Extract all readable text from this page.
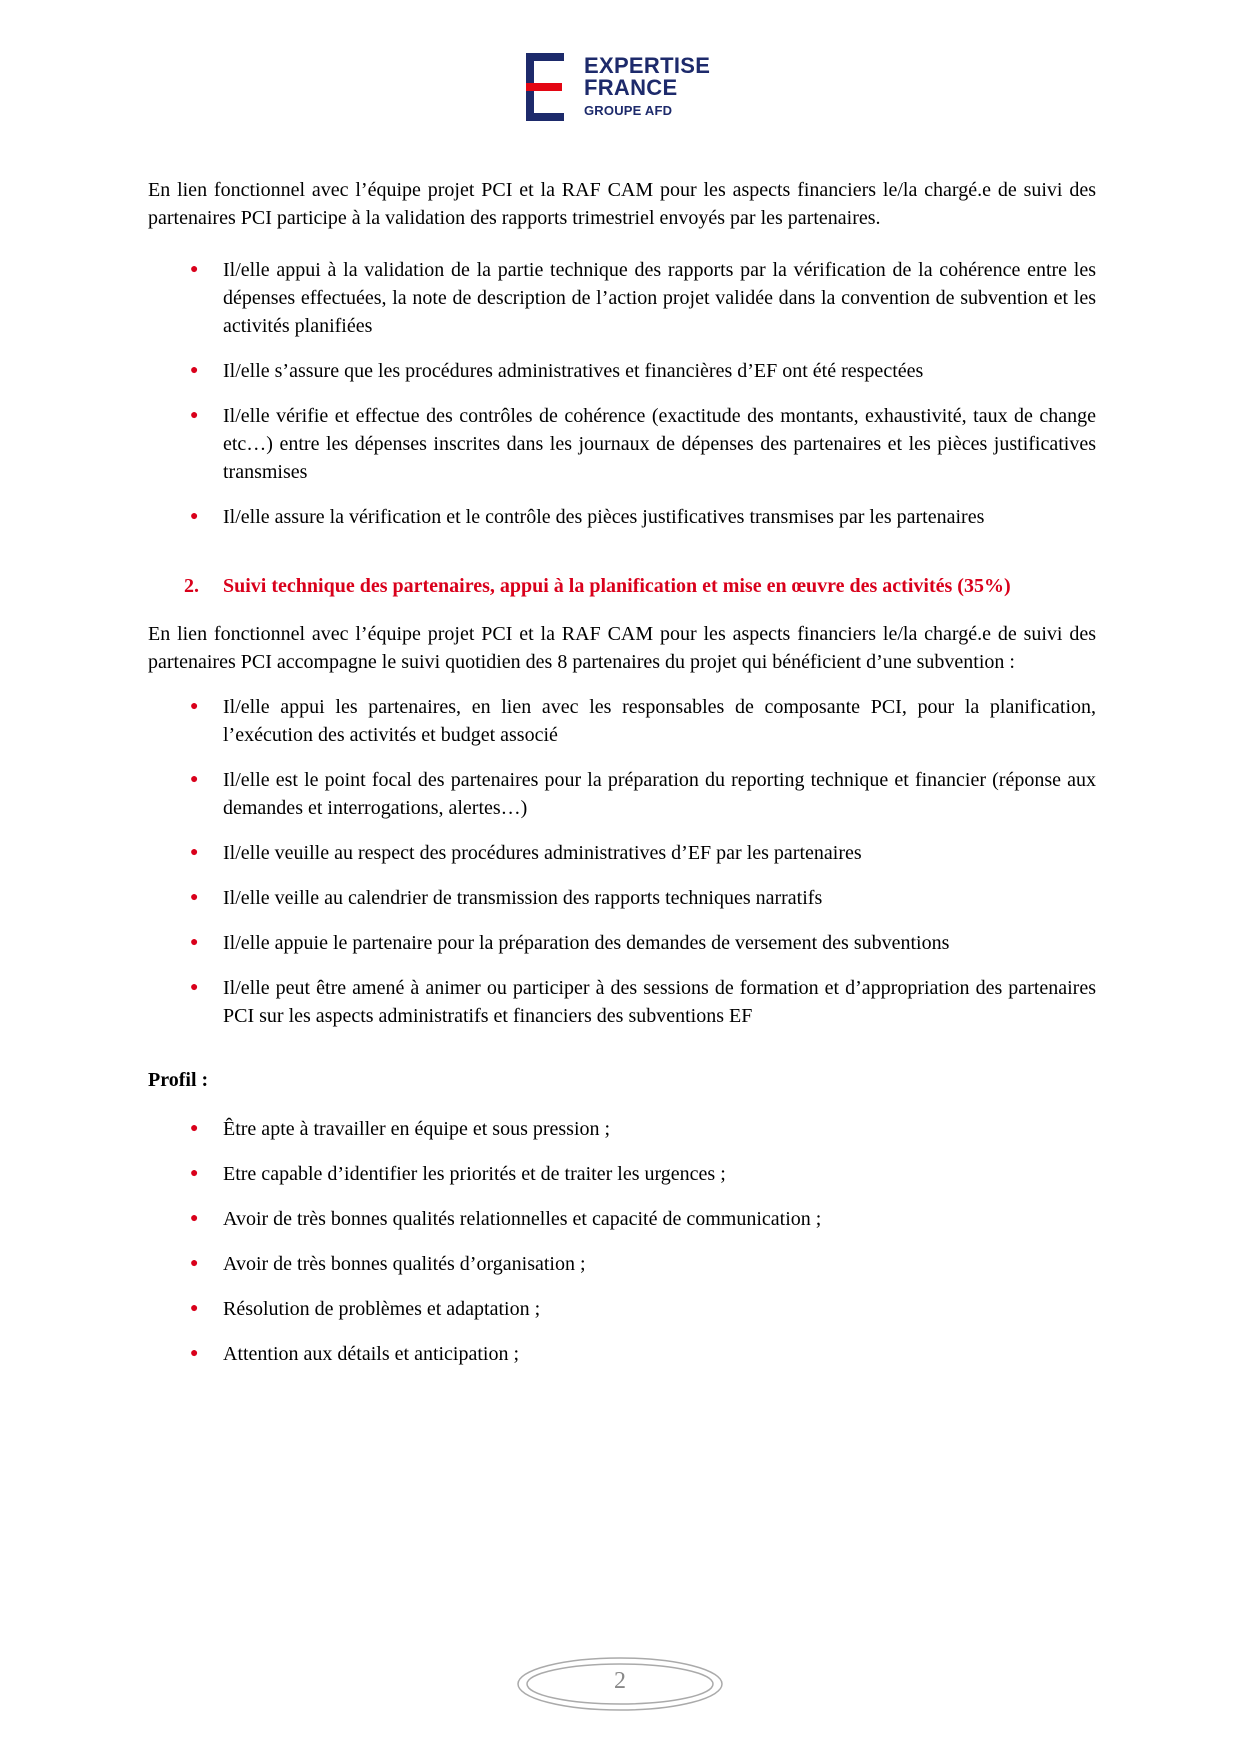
EXPERTISE
FRANCE
GROUPE AFD

En lien fonctionnel avec l’équipe projet PCI et la RAF CAM pour les aspects financiers le/la chargé.e de suivi des partenaires PCI participe à la validation des rapports trimestriel envoyés par les partenaires.

● Il/elle appui à la validation de la partie technique des rapports par la vérification de la cohérence entre les dépenses effectuées, la note de description de l’action projet validée dans la convention de subvention et les activités planifiées
● Il/elle s’assure que les procédures administratives et financières d’EF ont été respectées
● Il/elle vérifie et effectue des contrôles de cohérence (exactitude des montants, exhaustivité, taux de change etc…) entre les dépenses inscrites dans les journaux de dépenses des partenaires et les pièces justificatives transmises
● Il/elle assure la vérification et le contrôle des pièces justificatives transmises par les partenaires
2. Suivi technique des partenaires, appui à la planification et mise en œuvre des activités (35%)

En lien fonctionnel avec l’équipe projet PCI et la RAF CAM pour les aspects financiers le/la chargé.e de suivi des partenaires PCI accompagne le suivi quotidien des 8 partenaires du projet qui bénéficient d’une subvention :

● Il/elle appui les partenaires, en lien avec les responsables de composante PCI, pour la planification, l’exécution des activités et budget associé
● Il/elle est le point focal des partenaires pour la préparation du reporting technique et financier (réponse aux demandes et interrogations, alertes…)
● Il/elle veuille au respect des procédures administratives d’EF par les partenaires
● Il/elle veille au calendrier de transmission des rapports techniques narratifs
● Il/elle appuie le partenaire pour la préparation des demandes de versement des subventions
● Il/elle peut être amené à animer ou participer à des sessions de formation et d’appropriation des partenaires PCI sur les aspects administratifs et financiers des subventions EF
Profil :
● Être apte à travailler en équipe et sous pression ;
● Etre capable d’identifier les priorités et de traiter les urgences ;
● Avoir de très bonnes qualités relationnelles et capacité de communication ;
● Avoir de très bonnes qualités d’organisation ;
● Résolution de problèmes et adaptation ;
● Attention aux détails et anticipation ;
2
